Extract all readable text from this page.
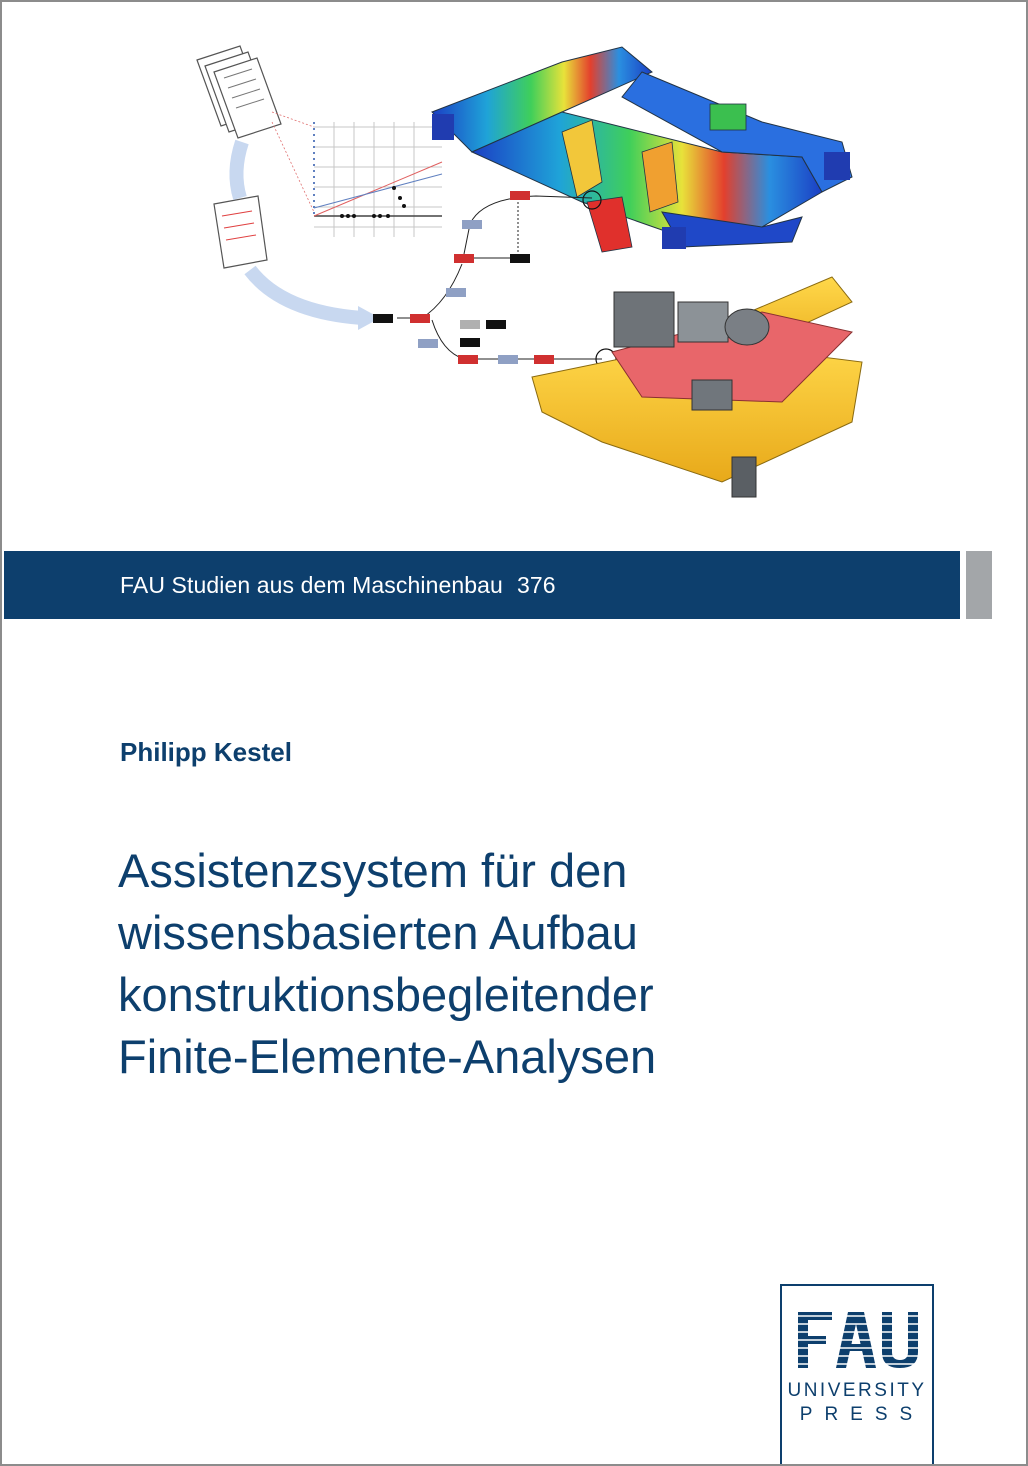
FAU Studien aus dem Maschinenbau 376
Philipp Kestel
Assistenzsystem für den
wissensbasierten Aufbau
konstruktionsbegleitender
Finite-Elemente-Analysen
UNIVERSITY
PRESS
